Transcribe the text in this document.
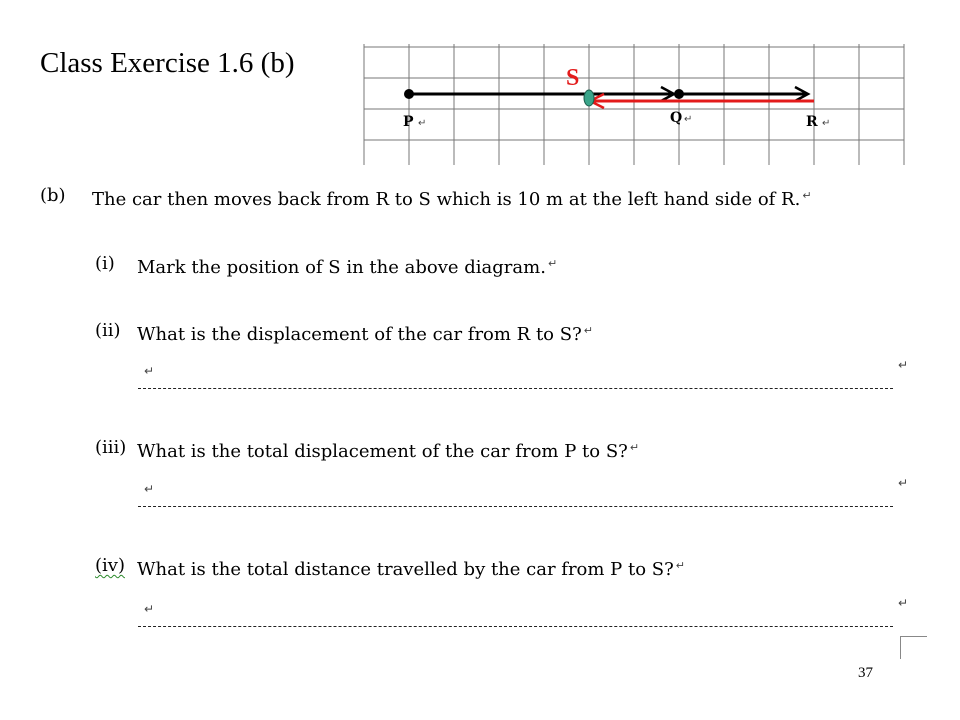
Class Exercise 1.6 (b)	S
P	Q	R
↵	↵	↵
(b) The car then moves back from R to S which is 10 m at the left hand side of R. ↵
(i) Mark the position of S in the above diagram. ↵
(ii) What is the displacement of the car from R to S? ↵
↵	↵
(iii) What is the total displacement of the car from P to S? ↵
↵	↵
(iv) What is the total distance travelled by the car from P to S? ↵
↵	↵
37
